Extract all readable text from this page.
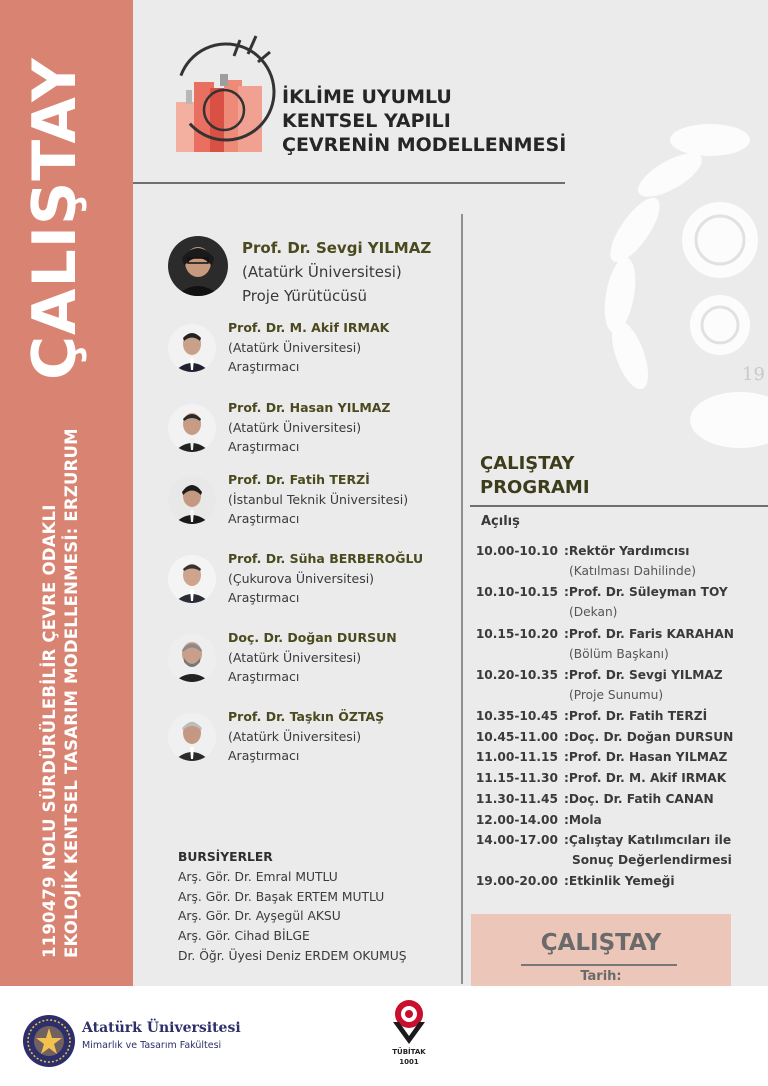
ÇALIŞTAY
1190479 NOLU SÜRDÜRÜLEBİLİR ÇEVRE ODAKLI EKOLOJİK KENTSEL TASARIM MODELLENMESİ: ERZURUM
19
İKLİME UYUMLU
KENTSEL YAPILI
ÇEVRENİN MODELLENMESİ
Prof. Dr. Sevgi YILMAZ
(Atatürk Üniversitesi)
Proje Yürütücüsü
Prof. Dr. M. Akif IRMAK
(Atatürk Üniversitesi)
Araştırmacı
Prof. Dr. Hasan YILMAZ
(Atatürk Üniversitesi)
Araştırmacı
Prof. Dr. Fatih TERZİ
(İstanbul Teknik Üniversitesi)
Araştırmacı
Prof. Dr. Süha BERBEROĞLU
(Çukurova Üniversitesi)
Araştırmacı
Doç. Dr. Doğan DURSUN
(Atatürk Üniversitesi)
Araştırmacı
Prof. Dr. Taşkın ÖZTAŞ
(Atatürk Üniversitesi)
Araştırmacı
BURSİYERLER
Arş. Gör. Dr. Emral MUTLU
Arş. Gör. Dr. Başak ERTEM MUTLU
Arş. Gör. Dr. Ayşegül AKSU
Arş. Gör. Cihad BİLGE
Dr. Öğr. Üyesi Deniz ERDEM OKUMUŞ
ÇALIŞTAY
PROGRAMI
Açılış
10.00-10.10 :Rektör Yardımcısı
(Katılması Dahilinde)
10.10-10.15 :Prof. Dr. Süleyman TOY
(Dekan)
10.15-10.20 :Prof. Dr. Faris KARAHAN
(Bölüm Başkanı)
10.20-10.35 :Prof. Dr. Sevgi YILMAZ
(Proje Sunumu)
10.35-10.45 :Prof. Dr. Fatih TERZİ
10.45-11.00 :Doç. Dr. Doğan DURSUN
11.00-11.15 :Prof. Dr. Hasan YILMAZ
11.15-11.30 :Prof. Dr. M. Akif IRMAK
11.30-11.45 :Doç. Dr. Fatih CANAN
12.00-14.00 :Mola
14.00-17.00 :Çalıştay Katılımcıları ile
Sonuç Değerlendirmesi
19.00-20.00 :Etkinlik Yemeği
ÇALIŞTAY
Tarih:
Atatürk Üniversitesi
Mimarlık ve Tasarım Fakültesi
TÜBİTAK
1001
